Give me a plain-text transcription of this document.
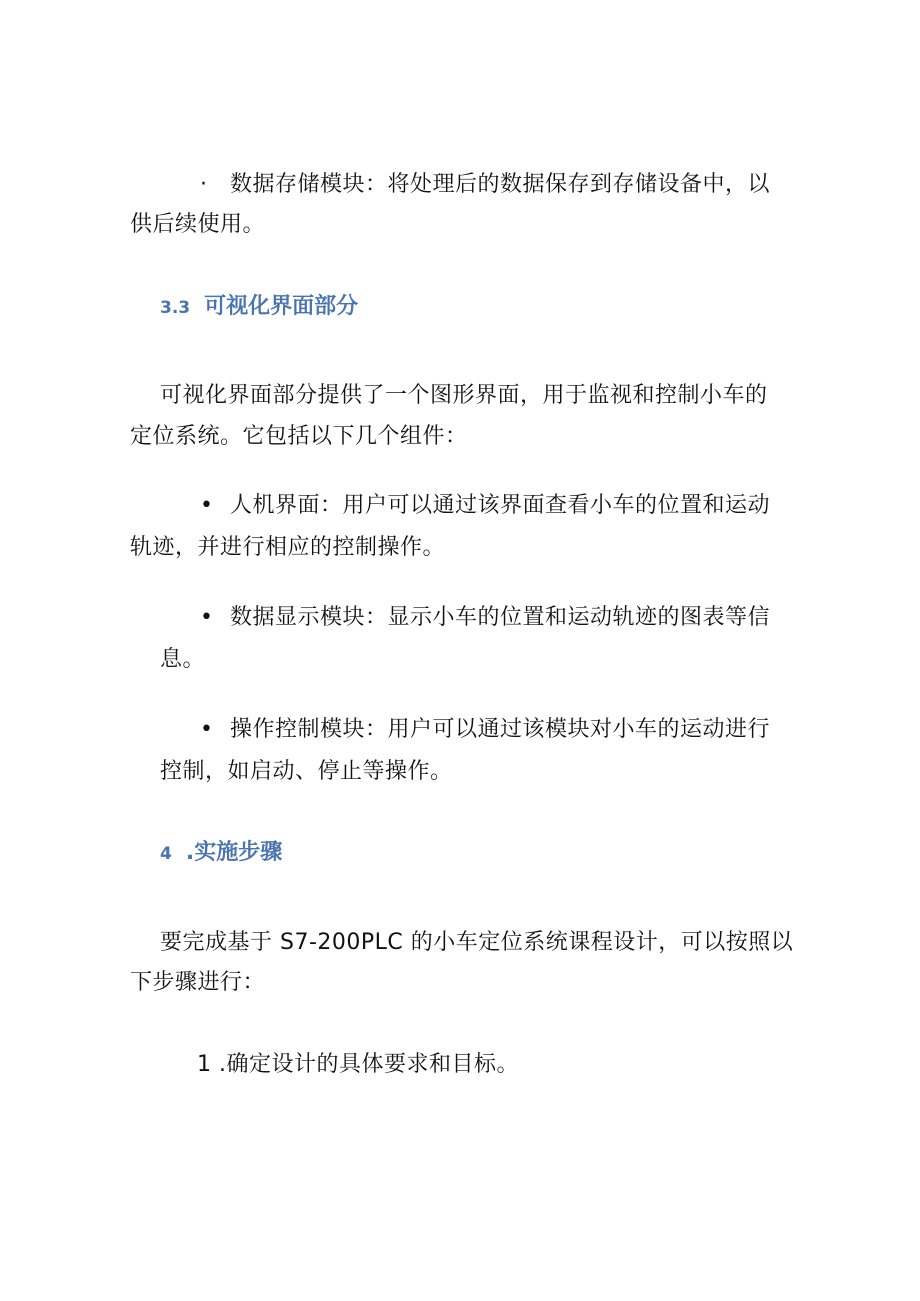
· 数据存储模块：将处理后的数据保存到存储设备中，以
供后续使用。
3.3 可视化界面部分
可视化界面部分提供了一个图形界面，用于监视和控制小车的
定位系统。它包括以下几个组件：
• 人机界面：用户可以通过该界面查看小车的位置和运动
轨迹，并进行相应的控制操作。
• 数据显示模块：显示小车的位置和运动轨迹的图表等信
息。
• 操作控制模块：用户可以通过该模块对小车的运动进行
控制，如启动、停止等操作。
4 .实施步骤
要完成基于 S7-200PLC 的小车定位系统课程设计，可以按照以
下步骤进行：
1 .确定设计的具体要求和目标。
